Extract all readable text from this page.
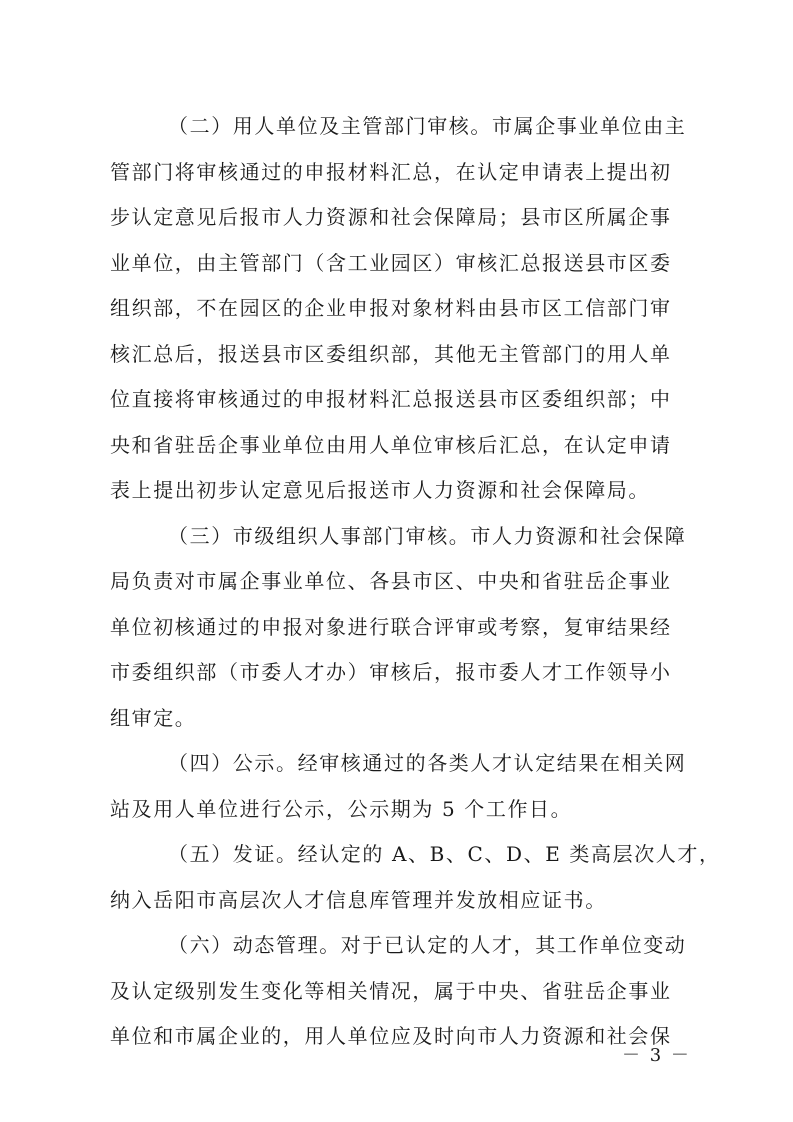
（二）用人单位及主管部门审核。市属企事业单位由主
管部门将审核通过的申报材料汇总，在认定申请表上提出初
步认定意见后报市人力资源和社会保障局；县市区所属企事
业单位，由主管部门（含工业园区）审核汇总报送县市区委
组织部，不在园区的企业申报对象材料由县市区工信部门审
核汇总后，报送县市区委组织部，其他无主管部门的用人单
位直接将审核通过的申报材料汇总报送县市区委组织部；中
央和省驻岳企事业单位由用人单位审核后汇总，在认定申请
表上提出初步认定意见后报送市人力资源和社会保障局。
（三）市级组织人事部门审核。市人力资源和社会保障
局负责对市属企事业单位、各县市区、中央和省驻岳企事业
单位初核通过的申报对象进行联合评审或考察，复审结果经
市委组织部（市委人才办）审核后，报市委人才工作领导小
组审定。
（四）公示。经审核通过的各类人才认定结果在相关网
站及用人单位进行公示，公示期为 5 个工作日。
（五）发证。经认定的 A、B、C、D、E 类高层次人才，
纳入岳阳市高层次人才信息库管理并发放相应证书。
（六）动态管理。对于已认定的人才，其工作单位变动
及认定级别发生变化等相关情况，属于中央、省驻岳企事业
单位和市属企业的，用人单位应及时向市人力资源和社会保
－ 3 －
